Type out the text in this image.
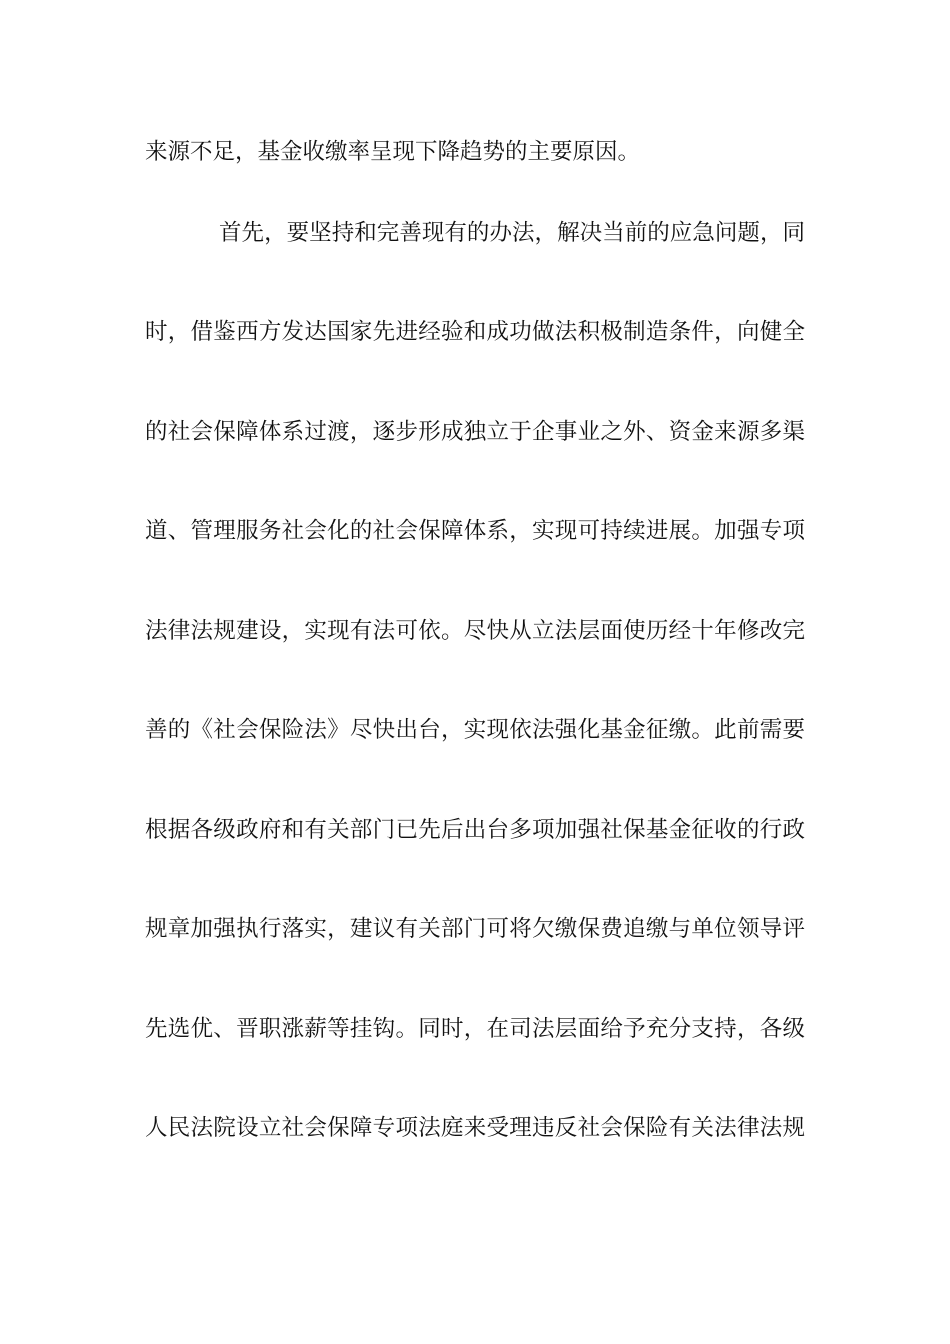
来源不足，基金收缴率呈现下降趋势的主要原因。
首先，要坚持和完善现有的办法，解决当前的应急问题，同
时，借鉴西方发达国家先进经验和成功做法积极制造条件，向健全
的社会保障体系过渡，逐步形成独立于企事业之外、资金来源多渠
道、管理服务社会化的社会保障体系，实现可持续进展。加强专项
法律法规建设，实现有法可依。尽快从立法层面使历经十年修改完
善的《社会保险法》尽快出台，实现依法强化基金征缴。此前需要
根据各级政府和有关部门已先后出台多项加强社保基金征收的行政
规章加强执行落实，建议有关部门可将欠缴保费追缴与单位领导评
先选优、晋职涨薪等挂钩。同时，在司法层面给予充分支持，各级
人民法院设立社会保障专项法庭来受理违反社会保险有关法律法规
